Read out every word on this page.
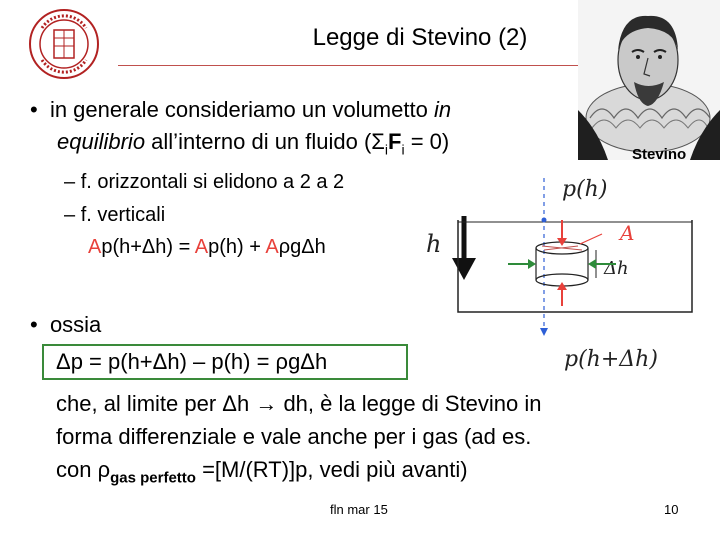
Legge di Stevino (2)
Stevino
• in generale consideriamo un volumetto in
equilibrio all’interno di un fluido $(\Sigma_iF_i = 0)$
– f. orizzontali si elidono a 2 a 2
– f. verticali
Ap(h+Δh) = Ap(h) + AρgΔh
p(h)
h	A
Δh
p(h+Δh)
• ossia
Δp = p(h+Δh) – p(h) = ρgΔh
che, al limite per Δh → dh, è la legge di Stevino in
forma differenziale e vale anche per i gas (ad es.
con $\rho_{gas perfetto} =[M/(RT)]p$, vedi più avanti)
fln mar 15	10
